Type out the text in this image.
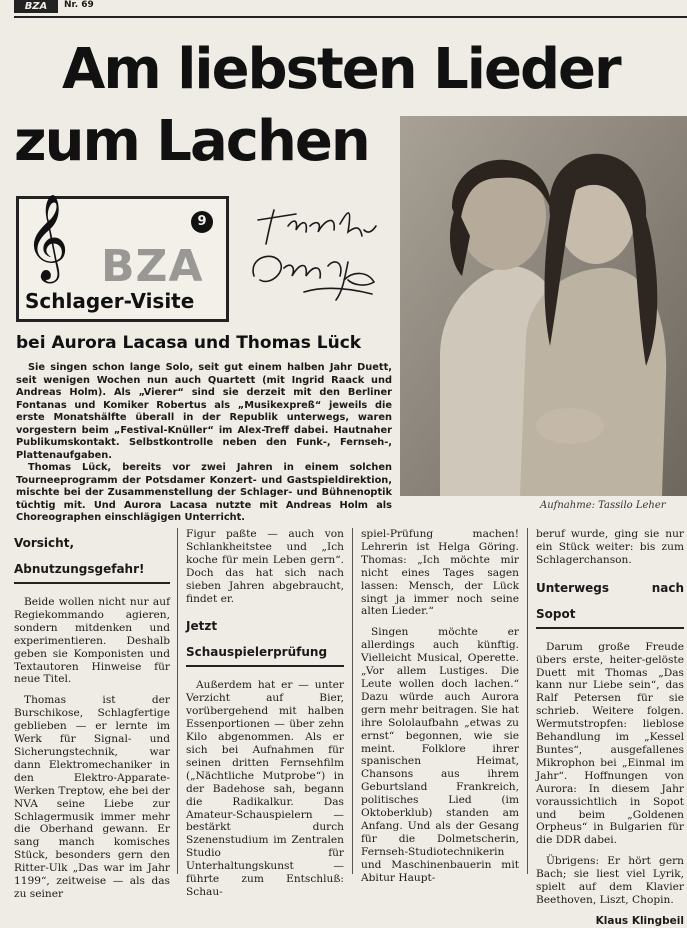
BZA	Nr. 69
Am liebsten Lieder
zum Lachen
𝄞 BZA
9
Schlager-Visite
bei Aurora Lacasa und Thomas Lück

Sie singen schon lange Solo, seit gut einem halben Jahr Duett, seit wenigen Wochen nun auch Quartett (mit Ingrid Raack und Andreas Holm). Als „Vierer“ sind sie derzeit mit den Berliner Fontanas und Komiker Robertus als „Musikexpreß“ jeweils die erste Monatshälfte überall in der Republik unterwegs, waren vorgestern beim „Festival-Knüller“ im Alex-Treff dabei. Hautnaher Publikumskontakt. Selbstkontrolle neben den Funk-, Fernseh-, Plattenaufgaben.

Thomas Lück, bereits vor zwei Jahren in einem solchen Tourneeprogramm der Potsdamer Konzert- und Gastspieldirektion, mischte bei der Zusammenstellung der Schlager- und Bühnenoptik tüchtig mit. Und Aurora Lacasa nutzte mit Andreas Holm als Choreographen einschlägigen Unterricht.

Aufnahme: Tassilo Leher
Vorsicht, Abnutzungsgefahr!

Beide wollen nicht nur auf Regiekommando agieren, sondern mitdenken und experimentieren. Deshalb geben sie Komponisten und Textautoren Hinweise für neue Titel.

Thomas ist der Burschikose, Schlagfertige geblieben — er lernte im Werk für Signal- und Sicherungstechnik, war dann Elektromechaniker in den Elektro-Apparate-Werken Treptow, ehe bei der NVA seine Liebe zur Schlagermusik immer mehr die Oberhand gewann. Er sang manch komisches Stück, besonders gern den Ritter-Ulk „Das war im Jahr 1199“, zeitweise — als das zu seiner

Figur paßte — auch von Schlankheitstee und „Ich koche für mein Leben gern“. Doch das hat sich nach sieben Jahren abgebraucht, findet er.

Jetzt Schauspielerprüfung

Außerdem hat er — unter Verzicht auf Bier, vorübergehend mit halben Essenportionen — über zehn Kilo abgenommen. Als er sich bei Aufnahmen für seinen dritten Fernsehfilm („Nächtliche Mutprobe“) in der Badehose sah, begann die Radikalkur. Das Amateur-Schauspielern — bestärkt durch Szenenstudium im Zentralen Studio für Unterhaltungskunst — führte zum Entschluß: Schau-

spiel-Prüfung machen! Lehrerin ist Helga Göring. Thomas: „Ich möchte mir nicht eines Tages sagen lassen: Mensch, der Lück singt ja immer noch seine alten Lieder.“

Singen möchte er allerdings auch künftig. Vielleicht Musical, Operette. „Vor allem Lustiges. Die Leute wollen doch lachen.“ Dazu würde auch Aurora gern mehr beitragen. Sie hat ihre Sololaufbahn „etwas zu ernst“ begonnen, wie sie meint. Folklore ihrer spanischen Heimat, Chansons aus ihrem Geburtsland Frankreich, politisches Lied (im Oktoberklub) standen am Anfang. Und als der Gesang für die Dolmetscherin, Fernseh-Studiotechnikerin und Maschinenbauerin mit Abitur Haupt-

beruf wurde, ging sie nur ein Stück weiter: bis zum Schlagerchanson.

Unterwegs nach Sopot

Darum große Freude übers erste, heiter-gelöste Duett mit Thomas „Das kann nur Liebe sein“, das Ralf Petersen für sie schrieb. Weitere folgen. Wermutstropfen: lieblose Behandlung im „Kessel Buntes“, ausgefallenes Mikrophon bei „Einmal im Jahr“. Hoffnungen von Aurora: In diesem Jahr voraussichtlich in Sopot und beim „Goldenen Orpheus“ in Bulgarien für die DDR dabei.

Übrigens: Er hört gern Bach; sie liest viel Lyrik, spielt auf dem Klavier Beethoven, Liszt, Chopin.

Klaus Klingbeil
